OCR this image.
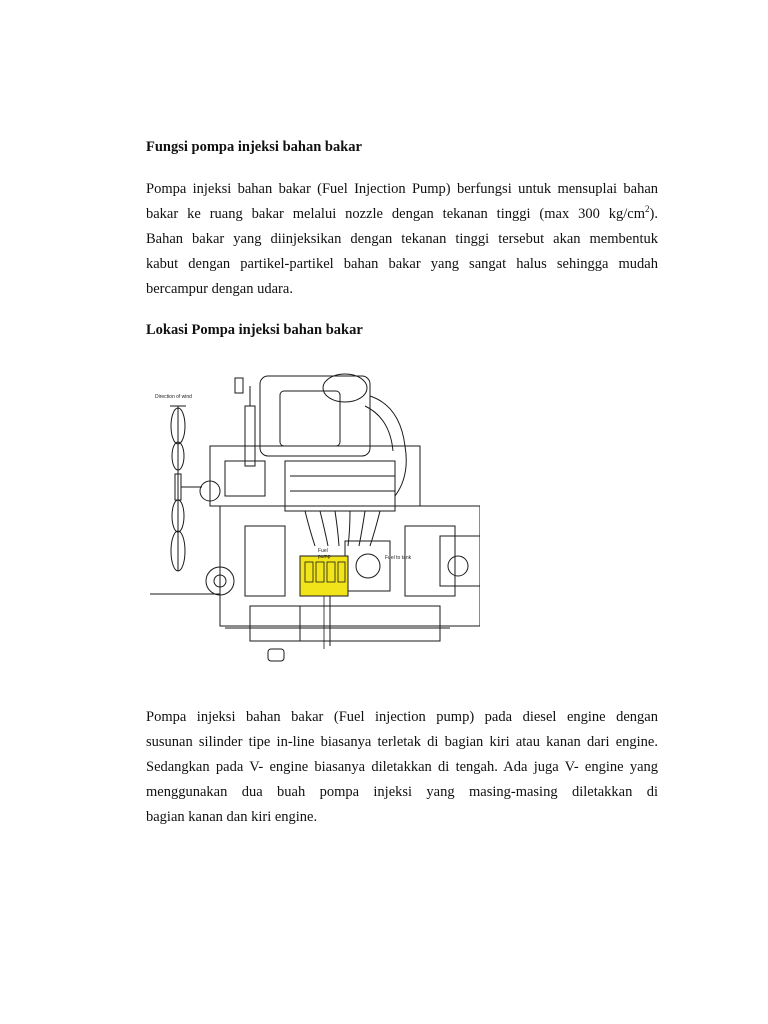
Fungsi pompa injeksi bahan bakar

Pompa injeksi bahan bakar (Fuel Injection Pump) berfungsi untuk mensuplai bahan
bakar ke ruang bakar melalui nozzle dengan tekanan tinggi (max 300 $kg/cm^2$).
Bahan bakar yang diinjeksikan dengan tekanan tinggi tersebut akan membentuk
kabut dengan partikel-partikel bahan bakar yang sangat halus sehingga mudah
bercampur dengan udara.

Lokasi Pompa injeksi bahan bakar

Direction of wind
Fuel
pump	Fuel to tank
Pompa injeksi bahan bakar (Fuel injection pump) pada diesel engine dengan
susunan silinder tipe in-line biasanya terletak di bagian kiri atau kanan dari engine.
Sedangkan pada V- engine biasanya diletakkan di tengah. Ada juga V- engine yang
menggunakan dua buah pompa injeksi yang masing-masing diletakkan di
bagian kanan dan kiri engine.
